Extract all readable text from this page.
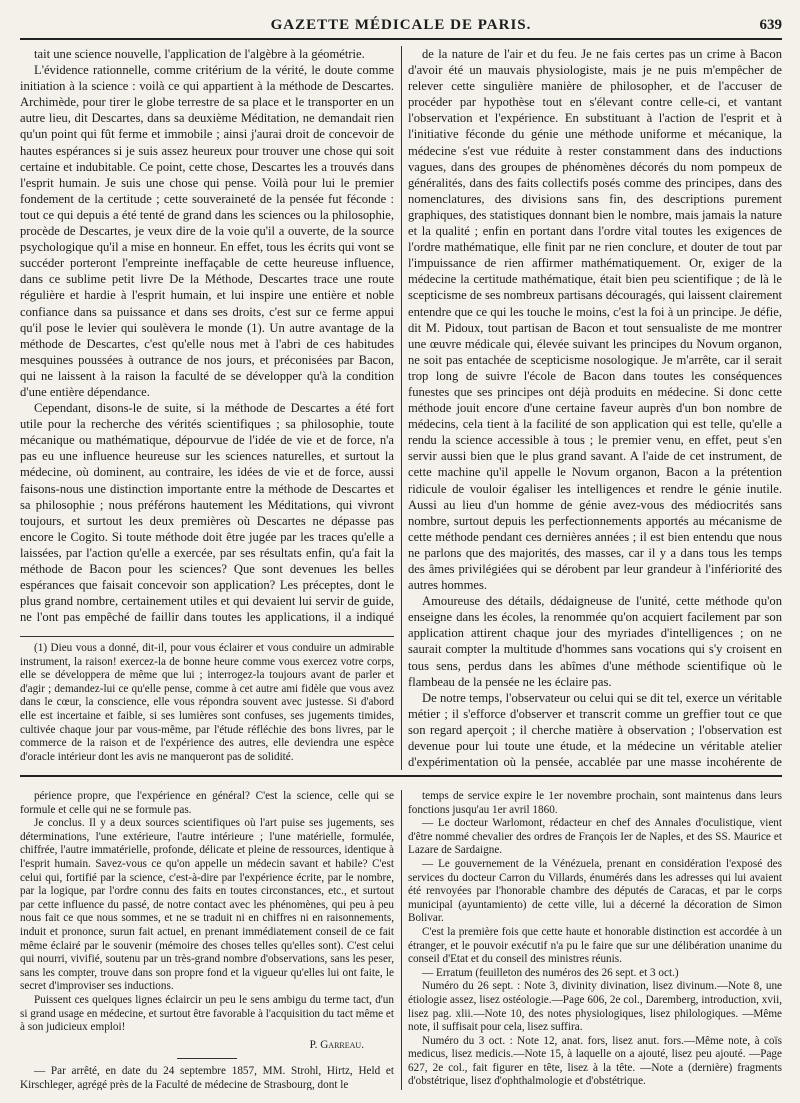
GAZETTE MÉDICALE DE PARIS.	639

tait une science nouvelle, l'application de l'algèbre à la géométrie.

L'évidence rationnelle, comme critérium de la vérité, le doute comme initiation à la science : voilà ce qui appartient à la méthode de Descartes. Archimède, pour tirer le globe terrestre de sa place et le transporter en un autre lieu, dit Descartes, dans sa deuxième Méditation, ne demandait rien qu'un point qui fût ferme et immobile ; ainsi j'aurai droit de concevoir de hautes espérances si je suis assez heureux pour trouver une chose qui soit certaine et indubitable. Ce point, cette chose, Descartes les a trouvés dans l'esprit humain. Je suis une chose qui pense. Voilà pour lui le premier fondement de la certitude ; cette souveraineté de la pensée fut féconde : tout ce qui depuis a été tenté de grand dans les sciences ou la philosophie, procède de Descartes, je veux dire de la voie qu'il a ouverte, de la source psychologique qu'il a mise en honneur. En effet, tous les écrits qui vont se succéder porteront l'empreinte ineffaçable de cette heureuse influence, dans ce sublime petit livre De la Méthode, Descartes trace une route régulière et hardie à l'esprit humain, et lui inspire une entière et noble confiance dans sa puissance et dans ses droits, c'est sur ce ferme appui qu'il pose le levier qui soulèvera le monde (1). Un autre avantage de la méthode de Descartes, c'est qu'elle nous met à l'abri de ces habitudes mesquines poussées à outrance de nos jours, et préconisées par Bacon, qui ne laissent à la raison la faculté de se développer qu'à la condition d'une entière dépendance.

Cependant, disons-le de suite, si la méthode de Descartes a été fort utile pour la recherche des vérités scientifiques ; sa philosophie, toute mécanique ou mathématique, dépourvue de l'idée de vie et de force, n'a pas eu une influence heureuse sur les sciences naturelles, et surtout la médecine, où dominent, au contraire, les idées de vie et de force, aussi faisons-nous une distinction importante entre la méthode de Descartes et sa philosophie ; nous préférons hautement les Méditations, qui vivront toujours, et surtout les deux premières où Descartes ne dépasse pas encore le Cogito. Si toute méthode doit être jugée par les traces qu'elle a laissées, par l'action qu'elle a exercée, par ses résultats enfin, qu'a fait la méthode de Bacon pour les sciences? Que sont devenues les belles espérances que faisait concevoir son application? Les préceptes, dont le plus grand nombre, certainement utiles et qui devaient lui servir de guide, ne l'ont pas empêché de faillir dans toutes les applications, il a indiqué

(1) Dieu vous a donné, dit-il, pour vous éclairer et vous conduire un admirable instrument, la raison! exercez-la de bonne heure comme vous exercez votre corps, elle se développera de même que lui ; interrogez-la toujours avant de parler et d'agir ; demandez-lui ce qu'elle pense, comme à cet autre ami fidèle que vous avez dans le cœur, la conscience, elle vous répondra souvent avec justesse. Si d'abord elle est incertaine et faible, si ses lumières sont confuses, ses jugements timides, cultivée chaque jour par vous-même, par l'étude réfléchie des bons livres, par le commerce de la raison et de l'expérience des autres, elle deviendra une espèce d'oracle intérieur dont les avis ne manqueront pas de solidité.

de la nature de l'air et du feu. Je ne fais certes pas un crime à Bacon d'avoir été un mauvais physiologiste, mais je ne puis m'empêcher de relever cette singulière manière de philosopher, et de l'accuser de procéder par hypothèse tout en s'élevant contre celle-ci, et vantant l'observation et l'expérience. En substituant à l'action de l'esprit et à l'initiative féconde du génie une méthode uniforme et mécanique, la médecine s'est vue réduite à rester constamment dans des inductions vagues, dans des groupes de phénomènes décorés du nom pompeux de généralités, dans des faits collectifs posés comme des principes, dans des nomenclatures, des divisions sans fin, des descriptions purement graphiques, des statistiques donnant bien le nombre, mais jamais la nature et la qualité ; enfin en portant dans l'ordre vital toutes les exigences de l'ordre mathématique, elle finit par ne rien conclure, et douter de tout par l'impuissance de rien affirmer mathématiquement. Or, exiger de la médecine la certitude mathématique, était bien peu scientifique ; de là le scepticisme de ses nombreux partisans découragés, qui laissent clairement entendre que ce qui les touche le moins, c'est la foi à un principe. Je défie, dit M. Pidoux, tout partisan de Bacon et tout sensualiste de me montrer une œuvre médicale qui, élevée suivant les principes du Novum organon, ne soit pas entachée de scepticisme nosologique. Je m'arrête, car il serait trop long de suivre l'école de Bacon dans toutes les conséquences funestes que ses principes ont déjà produits en médecine. Si donc cette méthode jouit encore d'une certaine faveur auprès d'un bon nombre de médecins, cela tient à la facilité de son application qui est telle, qu'elle a rendu la science accessible à tous ; le premier venu, en effet, peut s'en servir aussi bien que le plus grand savant. A l'aide de cet instrument, de cette machine qu'il appelle le Novum organon, Bacon a la prétention ridicule de vouloir égaliser les intelligences et rendre le génie inutile. Aussi au lieu d'un homme de génie avez-vous des médiocrités sans nombre, surtout depuis les perfectionnements apportés au mécanisme de cette méthode pendant ces dernières années ; il est bien entendu que nous ne parlons que des majorités, des masses, car il y a dans tous les temps des âmes privilégiées qui se dérobent par leur grandeur à l'infériorité des autres hommes.

Amoureuse des détails, dédaigneuse de l'unité, cette méthode qu'on enseigne dans les écoles, la renommée qu'on acquiert facilement par son application attirent chaque jour des myriades d'intelligences ; on ne saurait compter la multitude d'hommes sans vocations qui s'y croisent en tous sens, perdus dans les abîmes d'une méthode scientifique où le flambeau de la pensée ne les éclaire pas.

De notre temps, l'observateur ou celui qui se dit tel, exerce un véritable métier ; il s'efforce d'observer et transcrit comme un greffier tout ce que son regard aperçoit ; il cherche matière à observation ; l'observation est devenue pour lui toute une étude, et la médecine un véritable atelier d'expérimentation où la pensée, accablée par une masse incohérente de

périence propre, que l'expérience en général? C'est la science, celle qui se formule et celle qui ne se formule pas.

Je conclus. Il y a deux sources scientifiques où l'art puise ses jugements, ses déterminations, l'une extérieure, l'autre intérieure ; l'une matérielle, formulée, chiffrée, l'autre immatérielle, profonde, délicate et pleine de ressources, identique à l'esprit humain. Savez-vous ce qu'on appelle un médecin savant et habile? C'est celui qui, fortifié par la science, c'est-à-dire par l'expérience écrite, par le nombre, par la logique, par l'ordre connu des faits en toutes circonstances, etc., et surtout par cette influence du passé, de notre contact avec les phénomènes, qui peu à peu nous fait ce que nous sommes, et ne se traduit ni en chiffres ni en raisonnements, induit et prononce, surun fait actuel, en prenant immédiatement conseil de ce fait même éclairé par le souvenir (mémoire des choses telles qu'elles sont). C'est celui qui nourri, vivifié, soutenu par un très-grand nombre d'observations, sans les peser, sans les compter, trouve dans son propre fond et la vigueur qu'elles lui ont faite, le secret d'improviser ses inductions.

Puissent ces quelques lignes éclaircir un peu le sens ambigu du terme tact, d'un si grand usage en médecine, et surtout être favorable à l'acquisition du tact même et à son judicieux emploi!

P. Garreau.

— Par arrêté, en date du 24 septembre 1857, MM. Strohl, Hirtz, Held et Kirschleger, agrégé près de la Faculté de médecine de Strasbourg, dont le

temps de service expire le 1er novembre prochain, sont maintenus dans leurs fonctions jusqu'au 1er avril 1860.

— Le docteur Warlomont, rédacteur en chef des Annales d'oculistique, vient d'être nommé chevalier des ordres de François Ier de Naples, et des SS. Maurice et Lazare de Sardaigne.

— Le gouvernement de la Vénézuela, prenant en considération l'exposé des services du docteur Carron du Villards, énumérés dans les adresses qui lui avaient été renvoyées par l'honorable chambre des députés de Caracas, et par le corps municipal (ayuntamiento) de cette ville, lui a décerné la décoration de Simon Bolivar.

C'est la première fois que cette haute et honorable distinction est accordée à un étranger, et le pouvoir exécutif n'a pu le faire que sur une délibération unanime du conseil d'Etat et du conseil des ministres réunis.

— Erratum (feuilleton des numéros des 26 sept. et 3 oct.)

Numéro du 26 sept. : Note 3, divinity divination, lisez divinum.—Note 8, une étiologie assez, lisez ostéologie.—Page 606, 2e col., Daremberg, introduction, xvii, lisez pag. xlii.—Note 10, des notes physiologiques, lisez philologiques. —Même note, il suffisait pour cela, lisez suffira.

Numéro du 3 oct. : Note 12, anat. fors, lisez anut. fors.—Même note, à coïs medicus, lisez medicis.—Note 15, à laquelle on a ajouté, lisez peu ajouté. —Page 627, 2e col., fait figurer en tête, lisez à la tête. —Note a (dernière) fragments d'obstétrique, lisez d'ophthalmologie et d'obstétrique.
